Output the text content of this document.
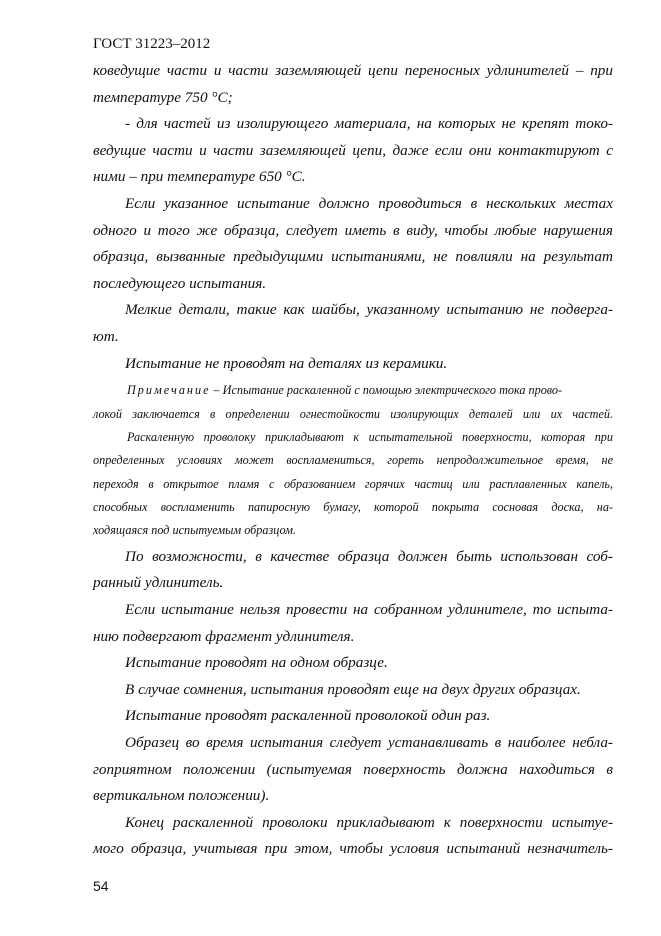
ГОСТ 31223–2012
коведущие части и части заземляющей цепи переносных удлинителей – при
температуре 750 °С;
- для частей из изолирующего материала, на которых не крепят токо-
ведущие части и части заземляющей цепи, даже если они контактируют с
ними – при температуре 650 °С.
Если указанное испытание должно проводиться в нескольких местах
одного и того же образца, следует иметь в виду, чтобы любые нарушения
образца, вызванные предыдущими испытаниями, не повлияли на результат
последующего испытания.
Мелкие детали, такие как шайбы, указанному испытанию не подверга-
ют.
Испытание не проводят на деталях из керамики.
Примечание – Испытание раскаленной с помощью электрического тока прово-
локой заключается в определении огнестойкости изолирующих деталей или их частей.
Раскаленную проволоку прикладывают к испытательной поверхности, которая при
определенных условиях может воспламениться, гореть непродолжительное время, не
переходя в открытое пламя с образованием горячих частиц или расплавленных капель,
способных воспламенить папиросную бумагу, которой покрыта сосновая доска, на-
ходящаяся под испытуемым образцом.
По возможности, в качестве образца должен быть использован соб-
ранный удлинитель.
Если испытание нельзя провести на собранном удлинителе, то испыта-
нию подвергают фрагмент удлинителя.
Испытание проводят на одном образце.
В случае сомнения, испытания проводят еще на двух других образцах.
Испытание проводят раскаленной проволокой один раз.
Образец во время испытания следует устанавливать в наиболее небла-
гоприятном положении (испытуемая поверхность должна находиться в
вертикальном положении).
Конец раскаленной проволоки прикладывают к поверхности испытуе-
мого образца, учитывая при этом, чтобы условия испытаний незначитель-
54
